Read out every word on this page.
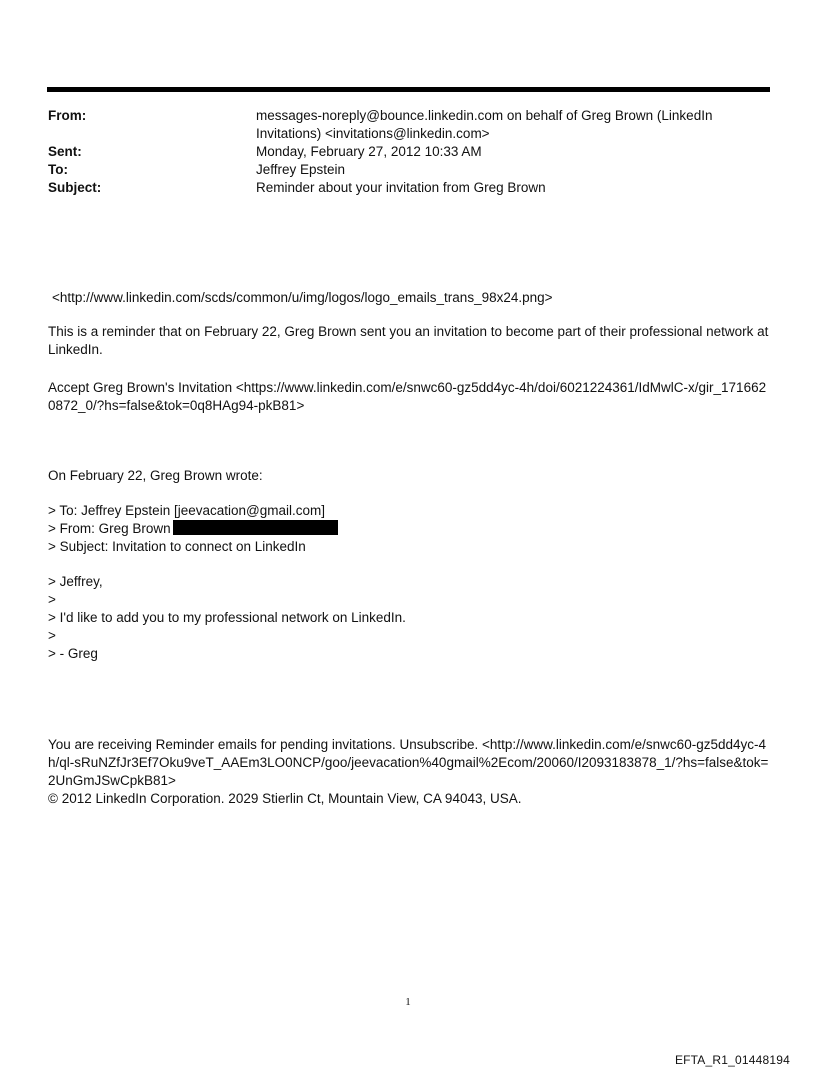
From:	messages-noreply@bounce.linkedin.com on behalf of Greg Brown (LinkedIn Invitations) <invitations@linkedin.com>
Sent:	Monday, February 27, 2012 10:33 AM
To:	Jeffrey Epstein
Subject:	Reminder about your invitation from Greg Brown

<http://www.linkedin.com/scds/common/u/img/logos/logo_emails_trans_98x24.png>

This is a reminder that on February 22, Greg Brown sent you an invitation to become part of their professional network at LinkedIn.

Accept Greg Brown's Invitation <https://www.linkedin.com/e/snwc60-gz5dd4yc-4h/doi/6021224361/IdMwlC-x/gir_1716620872_0/?hs=false&tok=0q8HAg94-pkB81>

On February 22, Greg Brown wrote:

> To: Jeffrey Epstein [jeevacation@gmail.com]

> From: Greg Brown

> Subject: Invitation to connect on LinkedIn

> Jeffrey,

>

> I'd like to add you to my professional network on LinkedIn.

>

> - Greg

You are receiving Reminder emails for pending invitations. Unsubscribe. <http://www.linkedin.com/e/snwc60-gz5dd4yc-4h/ql-sRuNZfJr3Ef7Oku9veT_AAEm3LO0NCP/goo/jeevacation%40gmail%2Ecom/20060/I2093183878_1/?hs=false&tok=2UnGmJSwCpkB81>

© 2012 LinkedIn Corporation. 2029 Stierlin Ct, Mountain View, CA 94043, USA.

1
EFTA_R1_01448194
